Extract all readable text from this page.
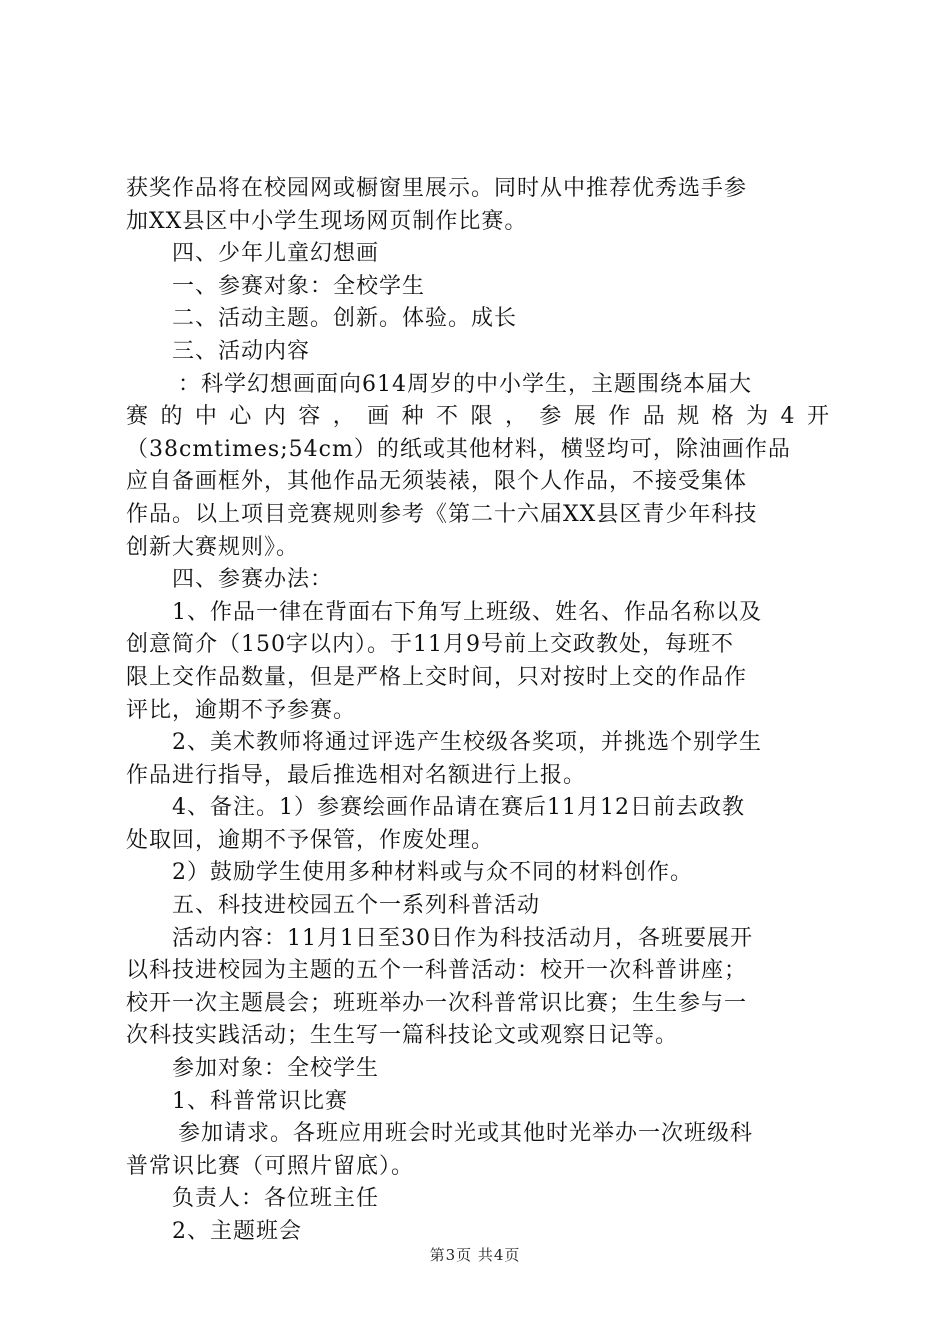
获奖作品将在校园网或橱窗里展示。同时从中推荐优秀选手参
加XX县区中小学生现场网页制作比赛。
四、少年儿童幻想画
一、参赛对象：全校学生
二、活动主题。创新。体验。成长
三、活动内容
：科学幻想画面向614周岁的中小学生，主题围绕本届大
赛的中心内容，画种不限，参展作品规格为4开
（38cmtimes;54cm）的纸或其他材料，横竖均可，除油画作品
应自备画框外，其他作品无须装裱，限个人作品，不接受集体
作品。以上项目竞赛规则参考《第二十六届XX县区青少年科技
创新大赛规则》。
四、参赛办法：
1、作品一律在背面右下角写上班级、姓名、作品名称以及
创意简介（150字以内）。于11月9号前上交政教处，每班不
限上交作品数量，但是严格上交时间，只对按时上交的作品作
评比，逾期不予参赛。
2、美术教师将通过评选产生校级各奖项，并挑选个别学生
作品进行指导，最后推选相对名额进行上报。
4、备注。1）参赛绘画作品请在赛后11月12日前去政教
处取回，逾期不予保管，作废处理。
2）鼓励学生使用多种材料或与众不同的材料创作。
五、科技进校园五个一系列科普活动
活动内容：11月1日至30日作为科技活动月，各班要展开
以科技进校园为主题的五个一科普活动：校开一次科普讲座；
校开一次主题晨会；班班举办一次科普常识比赛；生生参与一
次科技实践活动；生生写一篇科技论文或观察日记等。
参加对象：全校学生
1、科普常识比赛
参加请求。各班应用班会时光或其他时光举办一次班级科
普常识比赛（可照片留底）。
负责人：各位班主任
2、主题班会
第3页 共4页
